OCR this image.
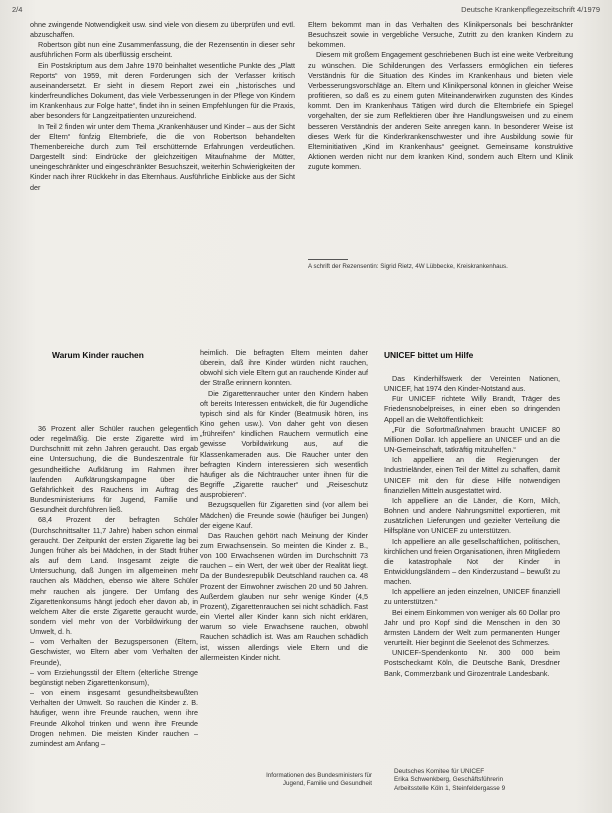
2/4	Deutsche Krankenpflegezeitschrift 4/1979

ohne zwingende Notwendigkeit usw. sind viele von diesem zu überprüfen und evtl. abzuschaffen.

Robertson gibt nun eine Zusammenfassung, die der Rezensentin in dieser sehr ausführlichen Form als überflüssig erscheint.

Ein Postskriptum aus dem Jahre 1970 beinhaltet wesentliche Punkte des „Platt Reports“ von 1959, mit deren Forderungen sich der Verfasser kritisch auseinandersetzt. Er sieht in diesem Report zwei ein „historisches und kinderfreundliches Dokument, das viele Verbesserungen in der Pflege von Kindern im Krankenhaus zur Folge hatte“, findet ihn in seinen Empfehlungen für die Praxis, aber besonders für Langzeitpatienten unzureichend.

In Teil 2 finden wir unter dem Thema „Krankenhäuser und Kinder – aus der Sicht der Eltern“ fünfzig Elternbriefe, die die von Robertson behandelten Themenbereiche durch zum Teil erschütternde Erfahrungen verdeutlichen. Dargestellt sind: Eindrücke der gleichzeitigen Mitaufnahme der Mütter, uneingeschränkter und eingeschränkter Besuchszeit, weiterhin Schwierigkeiten der Kinder nach ihrer Rückkehr in das Elternhaus. Ausführliche Einblicke aus der Sicht der

Eltern bekommt man in das Verhalten des Klinikpersonals bei beschränkter Besuchszeit sowie in vergebliche Versuche, Zutritt zu den kranken Kindern zu bekommen.

Diesem mit großem Engagement geschriebenen Buch ist eine weite Verbreitung zu wünschen. Die Schilderungen des Verfassers ermöglichen ein tieferes Verständnis für die Situation des Kindes im Krankenhaus und bieten viele Verbesserungsvorschläge an. Eltern und Klinikpersonal können in gleicher Weise profitieren, so daß es zu einem guten Miteinanderwirken zugunsten des Kindes kommt. Den im Krankenhaus Tätigen wird durch die Elternbriefe ein Spiegel vorgehalten, der sie zum Reflektieren über ihre Handlungsweisen und zu einem besseren Verständnis der anderen Seite anregen kann. In besonderer Weise ist dieses Werk für die Kinderkrankenschwester und ihre Ausbildung sowie für Elterninitiativen „Kind im Krankenhaus“ geeignet. Gemeinsame konstruktive Aktionen werden nicht nur dem kranken Kind, sondern auch Eltern und Klinik zugute kommen.

A schrift der Rezensentin: Sigrid Rietz, 4W Lübbecke, Kreiskrankenhaus.
Warum Kinder rauchen	UNICEF bittet um Hilfe

36 Prozent aller Schüler rauchen gelegentlich oder regelmäßig. Die erste Zigarette wird im Durchschnitt mit zehn Jahren geraucht. Das ergab eine Untersuchung, die die Bundeszentrale für gesundheitliche Aufklärung im Rahmen ihrer laufenden Aufklärungskampagne über die Gefährlichkeit des Rauchens im Auftrag des Bundesministeriums für Jugend, Familie und Gesundheit durchführen ließ.

68,4 Prozent der befragten Schüler (Durchschnittsalter 11,7 Jahre) haben schon einmal geraucht. Der Zeitpunkt der ersten Zigarette lag bei Jungen früher als bei Mädchen, in der Stadt früher als auf dem Land. Insgesamt zeigte die Untersuchung, daß Jungen im allgemeinen mehr rauchen als Mädchen, ebenso wie ältere Schüler mehr rauchen als jüngere. Der Umfang des Zigarettenkonsums hängt jedoch eher davon ab, in welchem Alter die erste Zigarette geraucht wurde, sondern viel mehr von der Vorbildwirkung der Umwelt, d. h.

– vom Verhalten der Bezugspersonen (Eltern, Geschwister, wo Eltern aber vom Verhalten der Freunde),

– vom Erziehungsstil der Eltern (elterliche Strenge begünstigt neben Zigarettenkonsum),

– von einem insgesamt gesundheitsbewußten Verhalten der Umwelt. So rauchen die Kinder z. B. häufiger, wenn ihre Freunde rauchen, wenn ihre Freunde Alkohol trinken und wenn ihre Freunde Drogen nehmen. Die meisten Kinder rauchen – zumindest am Anfang –

heimlich. Die befragten Eltern meinten daher überein, daß ihre Kinder würden nicht rauchen, obwohl sich viele Eltern gut an rauchende Kinder auf der Straße erinnern konnten.

Die Zigarettenraucher unter den Kindern haben oft bereits Interessen entwickelt, die für Jugendliche typisch sind als für Kinder (Beatmusik hören, ins Kino gehen usw.). Von daher geht von diesen „frühreifen“ kindlichen Rauchern vermutlich eine gewisse Vorbildwirkung aus, auf die Klassenkameraden aus. Die Raucher unter den befragten Kindern interessieren sich wesentlich häufiger als die Nichtraucher unter ihnen für die Begriffe „Zigarette raucher“ und „Reiseschutz ausprobieren“.

Bezugsquellen für Zigaretten sind (vor allem bei Mädchen) die Freunde sowie (häufiger bei Jungen) der eigene Kauf.

Das Rauchen gehört nach Meinung der Kinder zum Erwachsensein. So meinten die Kinder z. B., von 100 Erwachsenen würden im Durchschnitt 73 rauchen – ein Wert, der weit über der Realität liegt. Da der Bundesrepublik Deutschland rauchen ca. 48 Prozent der Einwohner zwischen 20 und 50 Jahren. Außerdem glauben nur sehr wenige Kinder (4,5 Prozent), Zigarettenrauchen sei nicht schädlich. Fast ein Viertel aller Kinder kann sich nicht erklären, warum so viele Erwachsene rauchen, obwohl Rauchen schädlich ist. Was am Rauchen schädlich ist, wissen allerdings viele Eltern und die allermeisten Kinder nicht.

Informationen des Bundesministers für Jugend, Familie und Gesundheit

Das Kinderhilfswerk der Vereinten Nationen, UNICEF, hat 1974 den Kinder-Notstand aus.

Für UNICEF richtete Willy Brandt, Träger des Friedensnobelpreises, in einer eben so dringenden Appell an die Weltöffentlichkeit:

„Für die Sofortmaßnahmen braucht UNICEF 80 Millionen Dollar. Ich appelliere an UNICEF und an die UN-Gemeinschaft, tatkräftig mitzuhelfen.“

Ich appelliere an die Regierungen der Industrieländer, einen Teil der Mittel zu schaffen, damit UNICEF mit den für diese Hilfe notwendigen finanziellen Mitteln ausgestattet wird.

Ich appelliere an die Länder, die Korn, Milch, Bohnen und andere Nahrungsmittel exportieren, mit zusätzlichen Lieferungen und gezielter Verteilung die Hilfspläne von UNICEF zu unterstützen.

Ich appelliere an alle gesellschaftlichen, politischen, kirchlichen und freien Organisationen, ihren Mitgliedern die katastrophale Not der Kinder in Entwicklungsländern – den Kinderzustand – bewußt zu machen.

Ich appelliere an jeden einzelnen, UNICEF finanziell zu unterstützen.“

Bei einem Einkommen von weniger als 60 Dollar pro Jahr und pro Kopf sind die Menschen in den 30 ärmsten Ländern der Welt zum permanenten Hunger verurteilt. Hier beginnt die Seelenot des Schmerzes.

UNICEF-Spendenkonto Nr. 300 000 beim Postscheckamt Köln, die Deutsche Bank, Dresdner Bank, Commerzbank und Girozentrale Landesbank.

Deutsches Komitee für UNICEF
Erika Schwenkberg, Geschäftsführerin
Arbeitsstelle Köln 1, Steinfeldergasse 9
